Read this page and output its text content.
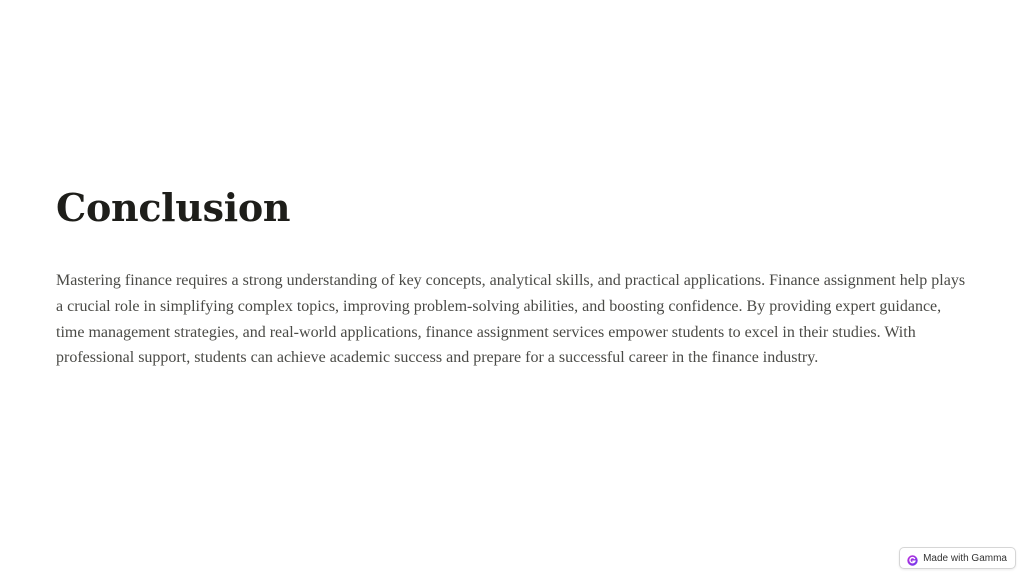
Conclusion

Mastering finance requires a strong understanding of key concepts, analytical skills, and practical applications. Finance assignment help plays a crucial role in simplifying complex topics, improving problem-solving abilities, and boosting confidence. By providing expert guidance, time management strategies, and real-world applications, finance assignment services empower students to excel in their studies. With professional support, students can achieve academic success and prepare for a successful career in the finance industry.

Made with Gamma
